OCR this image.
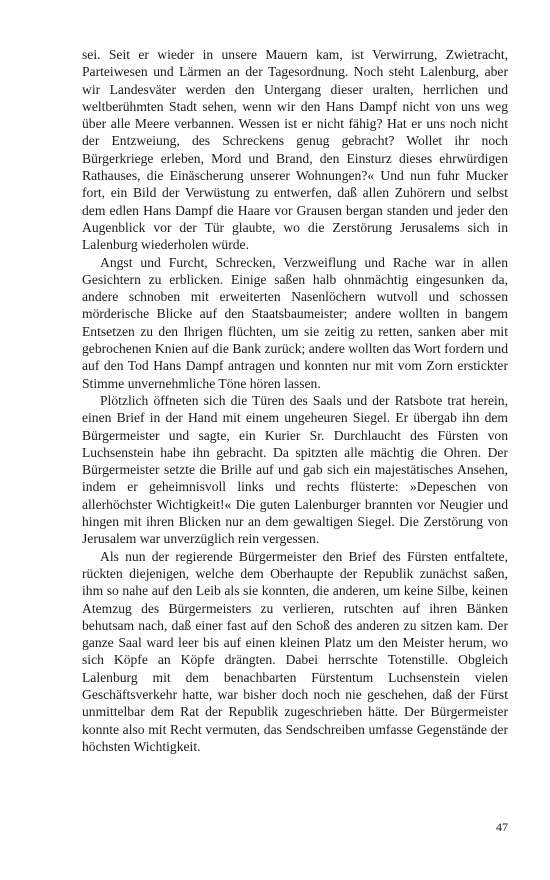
sei. Seit er wieder in unsere Mauern kam, ist Verwirrung, Zwietracht, Parteiwesen und Lärmen an der Tagesordnung. Noch steht Lalenburg, aber wir Landesväter werden den Untergang dieser uralten, herrlichen und weltberühmten Stadt sehen, wenn wir den Hans Dampf nicht von uns weg über alle Meere verbannen. Wessen ist er nicht fähig? Hat er uns noch nicht der Entzweiung, des Schreckens genug gebracht? Wollet ihr noch Bürgerkriege erleben, Mord und Brand, den Einsturz dieses ehrwürdigen Rathauses, die Einäscherung unserer Wohnungen?« Und nun fuhr Mucker fort, ein Bild der Verwüstung zu entwerfen, daß allen Zuhörern und selbst dem edlen Hans Dampf die Haare vor Grausen bergan standen und jeder den Augenblick vor der Tür glaubte, wo die Zerstörung Jerusalems sich in Lalenburg wiederholen würde.

Angst und Furcht, Schrecken, Verzweiflung und Rache war in allen Gesichtern zu erblicken. Einige saßen halb ohnmächtig eingesunken da, andere schnoben mit erweiterten Nasenlöchern wutvoll und schossen mörderische Blicke auf den Staatsbaumeister; andere wollten in bangem Entsetzen zu den Ihrigen flüchten, um sie zeitig zu retten, sanken aber mit gebrochenen Knien auf die Bank zurück; andere wollten das Wort fordern und auf den Tod Hans Dampf antragen und konnten nur mit vom Zorn erstickter Stimme unvernehmliche Töne hören lassen.

Plötzlich öffneten sich die Türen des Saals und der Ratsbote trat herein, einen Brief in der Hand mit einem ungeheuren Siegel. Er übergab ihn dem Bürgermeister und sagte, ein Kurier Sr. Durchlaucht des Fürsten von Luchsenstein habe ihn gebracht. Da spitzten alle mächtig die Ohren. Der Bürgermeister setzte die Brille auf und gab sich ein majestätisches Ansehen, indem er geheimnisvoll links und rechts flüsterte: »Depeschen von allerhöchster Wichtigkeit!« Die guten Lalenburger brannten vor Neugier und hingen mit ihren Blicken nur an dem gewaltigen Siegel. Die Zerstörung von Jerusalem war unverzüglich rein vergessen.

Als nun der regierende Bürgermeister den Brief des Fürsten entfaltete, rückten diejenigen, welche dem Oberhaupte der Republik zunächst saßen, ihm so nahe auf den Leib als sie konnten, die anderen, um keine Silbe, keinen Atemzug des Bürgermeisters zu verlieren, rutschten auf ihren Bänken behutsam nach, daß einer fast auf den Schoß des anderen zu sitzen kam. Der ganze Saal ward leer bis auf einen kleinen Platz um den Meister herum, wo sich Köpfe an Köpfe drängten. Dabei herrschte Totenstille. Obgleich Lalenburg mit dem benachbarten Fürstentum Luchsenstein vielen Geschäftsverkehr hatte, war bisher doch noch nie geschehen, daß der Fürst unmittelbar dem Rat der Republik zugeschrieben hätte. Der Bürgermeister konnte also mit Recht vermuten, das Sendschreiben umfasse Gegenstände der höchsten Wichtigkeit.

47
